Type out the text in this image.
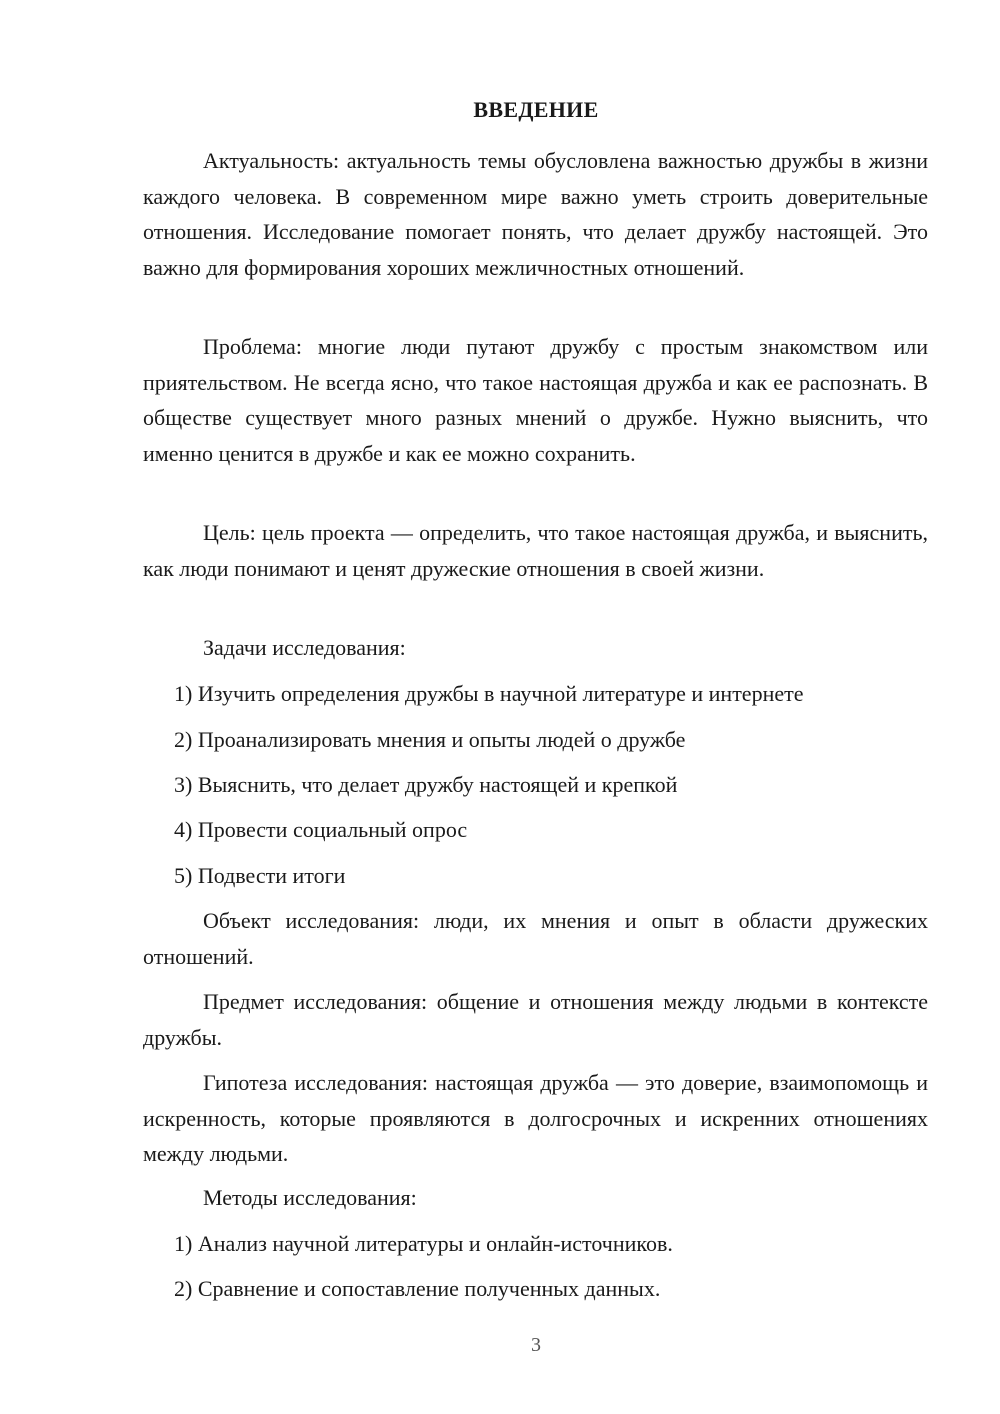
ВВЕДЕНИЕ
Актуальность: актуальность темы обусловлена важностью дружбы в жизни каждого человека. В современном мире важно уметь строить доверительные отношения. Исследование помогает понять, что делает дружбу настоящей. Это важно для формирования хороших межличностных отношений.
Проблема: многие люди путают дружбу с простым знакомством или приятельством. Не всегда ясно, что такое настоящая дружба и как ее распознать. В обществе существует много разных мнений о дружбе. Нужно выяснить, что именно ценится в дружбе и как ее можно сохранить.
Цель: цель проекта — определить, что такое настоящая дружба, и выяснить, как люди понимают и ценят дружеские отношения в своей жизни.
Задачи исследования:
1) Изучить определения дружбы в научной литературе и интернете
2) Проанализировать мнения и опыты людей о дружбе
3) Выяснить, что делает дружбу настоящей и крепкой
4) Провести социальный опрос
5) Подвести итоги
Объект исследования: люди, их мнения и опыт в области дружеских отношений.
Предмет исследования: общение и отношения между людьми в контексте дружбы.
Гипотеза исследования: настоящая дружба — это доверие, взаимопомощь и искренность, которые проявляются в долгосрочных и искренних отношениях между людьми.
Методы исследования:
1) Анализ научной литературы и онлайн-источников.
2) Сравнение и сопоставление полученных данных.
3
